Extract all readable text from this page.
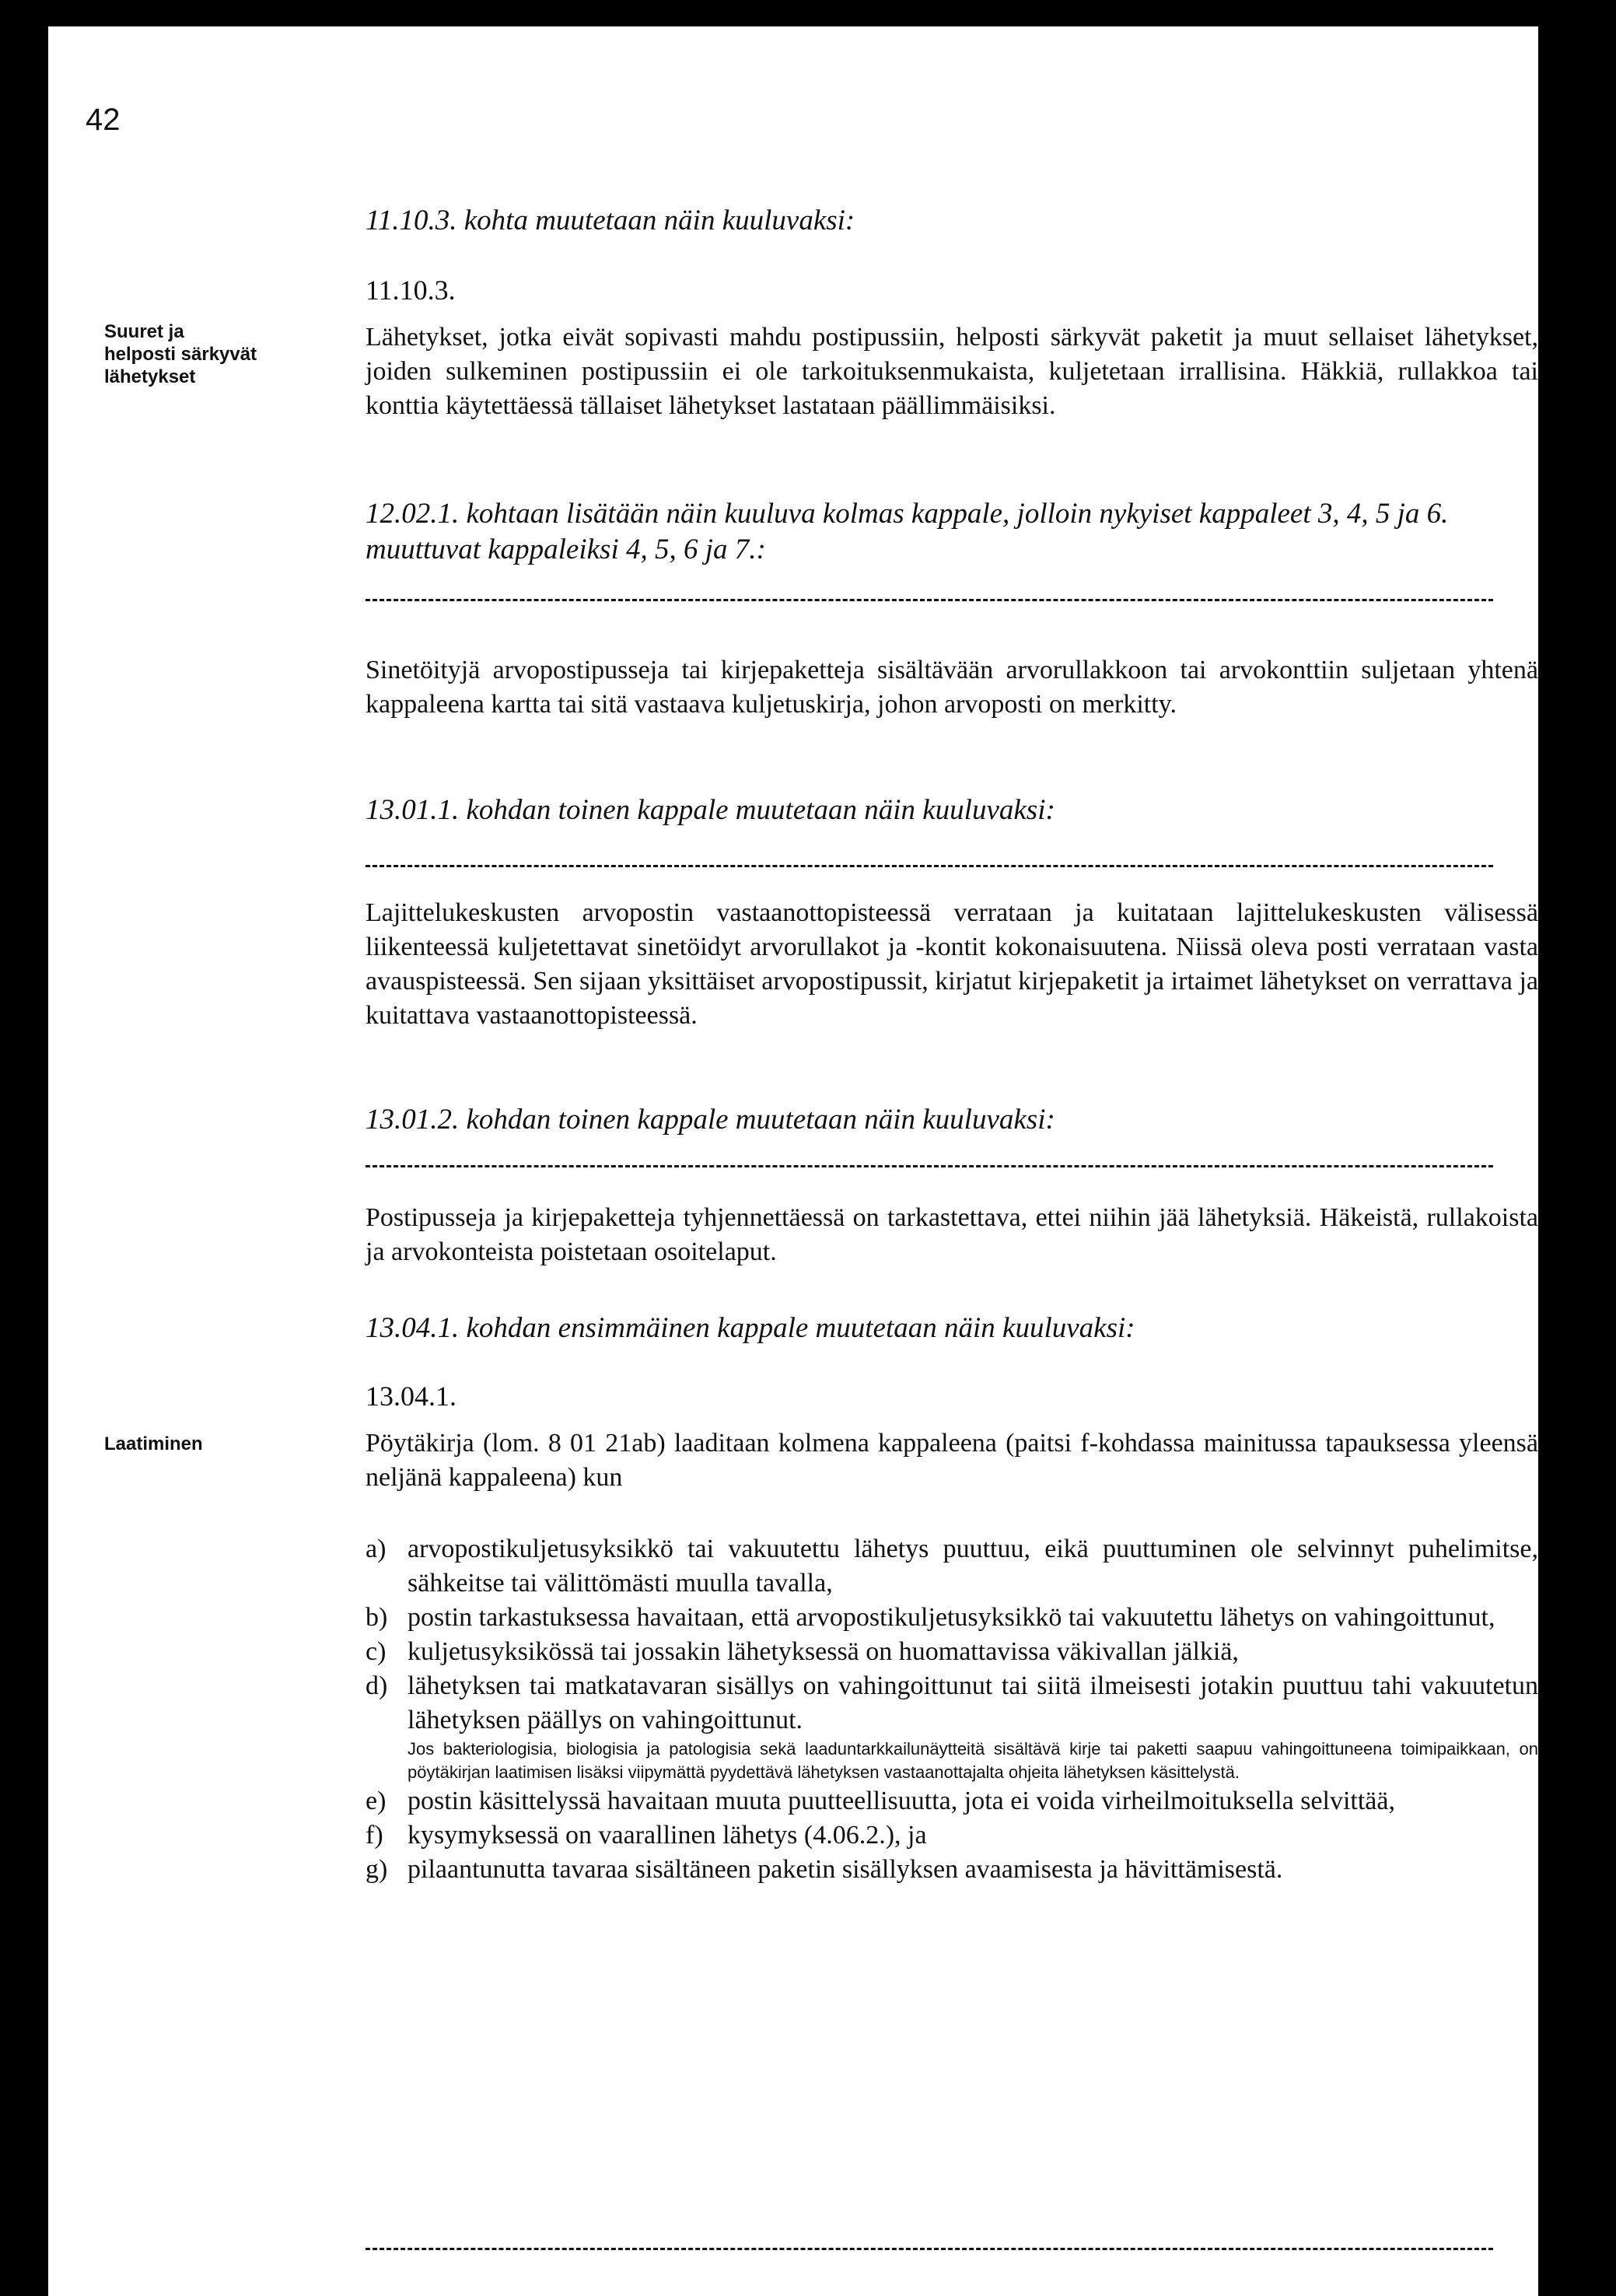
42
Suuret ja helposti särkyvät lähetykset
Laatiminen
11.10.3. kohta muutetaan näin kuuluvaksi:
11.10.3.
Lähetykset, jotka eivät sopivasti mahdu postipussiin, helposti särkyvät paketit ja muut sellaiset lähetykset, joiden sulkeminen postipussiin ei ole tarkoituksenmukaista, kuljetetaan irrallisina. Häkkiä, rullakkoa tai konttia käytettäessä tällaiset lähetykset lastataan päällimmäisiksi.
12.02.1. kohtaan lisätään näin kuuluva kolmas kappale, jolloin nykyiset kappaleet 3, 4, 5 ja 6. muuttuvat kappaleiksi 4, 5, 6 ja 7.:
Sinetöityjä arvopostipusseja tai kirjepaketteja sisältävään arvorullakkoon tai arvokonttiin suljetaan yhtenä kappaleena kartta tai sitä vastaava kuljetuskirja, johon arvoposti on merkitty.
13.01.1. kohdan toinen kappale muutetaan näin kuuluvaksi:
Lajittelukeskusten arvopostin vastaanottopisteessä verrataan ja kuitataan lajittelukeskusten välisessä liikenteessä kuljetettavat sinetöidyt arvorullakot ja -kontit kokonaisuutena. Niissä oleva posti verrataan vasta avauspisteessä. Sen sijaan yksittäiset arvopostipussit, kirjatut kirjepaketit ja irtaimet lähetykset on verrattava ja kuitattava vastaanottopisteessä.
13.01.2. kohdan toinen kappale muutetaan näin kuuluvaksi:
Postipusseja ja kirjepaketteja tyhjennettäessä on tarkastettava, ettei niihin jää lähetyksiä. Häkeistä, rullakoista ja arvokonteista poistetaan osoitelaput.
13.04.1. kohdan ensimmäinen kappale muutetaan näin kuuluvaksi:
13.04.1.
Pöytäkirja (lom. 8 01 21ab) laaditaan kolmena kappaleena (paitsi f-kohdassa mainitussa tapauksessa yleensä neljänä kappaleena) kun
a) arvopostikuljetusyksikkö tai vakuutettu lähetys puuttuu, eikä puuttuminen ole selvinnyt puhelimitse, sähkeitse tai välittömästi muulla tavalla,
b) postin tarkastuksessa havaitaan, että arvopostikuljetusyksikkö tai vakuutettu lähetys on vahingoittunut,
c) kuljetusyksikössä tai jossakin lähetyksessä on huomattavissa väkivallan jälkiä,
d) lähetyksen tai matkatavaran sisällys on vahingoittunut tai siitä ilmeisesti jotakin puuttuu tahi vakuutetun lähetyksen päällys on vahingoittunut.
Jos bakteriologisia, biologisia ja patologisia sekä laaduntarkkailunäytteitä sisältävä kirje tai paketti saapuu vahingoittuneena toimipaikkaan, on pöytäkirjan laatimisen lisäksi viipymättä pyydettävä lähetyksen vastaanottajalta ohjeita lähetyksen käsittelystä.
e) postin käsittelyssä havaitaan muuta puutteellisuutta, jota ei voida virheilmoituksella selvittää,
f) kysymyksessä on vaarallinen lähetys (4.06.2.), ja
g) pilaantunutta tavaraa sisältäneen paketin sisällyksen avaamisesta ja hävittämisestä.
